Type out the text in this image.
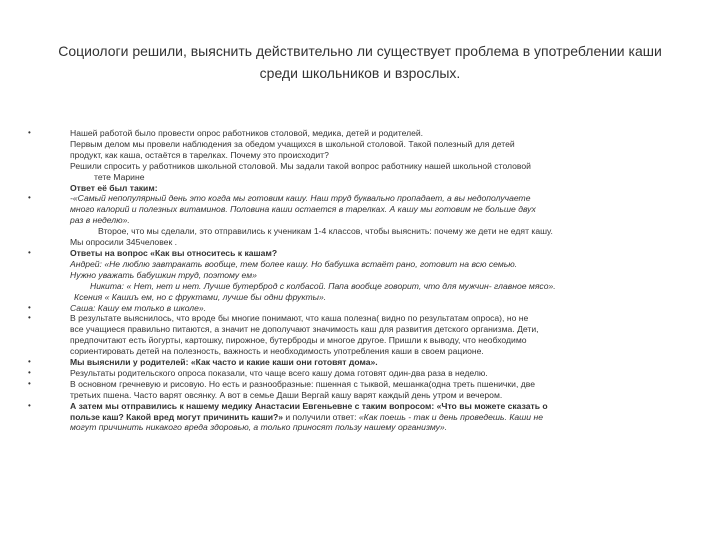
Социологи решили, выяснить действительно ли существует проблема в употреблении каши
среди школьников и взрослых.
•	Нашей работой было провести опрос работников столовой, медика, детей и родителей.
Первым делом мы провели наблюдения за обедом учащихся в школьной столовой. Такой полезный для детей
продукт, как каша, остаётся в тарелках. Почему это происходит?
Решили спросить у работников школьной столовой. Мы задали такой вопрос работнику нашей школьной столовой
тете Марине
Ответ её был таким:
•	-«Самый непопулярный день это когда мы готовим кашу. Наш труд буквально пропадает, а вы недополучаете
много калорий и полезных витаминов. Половина каши остается в тарелках. А кашу мы готовим не больше двух
раз в неделю».
Второе, что мы сделали, это отправились к ученикам 1-4 классов, чтобы выяснить: почему же дети не едят кашу.
Мы опросили 345человек .
•	Ответы на вопрос «Как вы относитесь к кашам?
Андрей: «Не люблю завтракать вообще, тем более кашу. Но бабушка встаёт рано, готовит на всю семью.
Нужно уважать бабушкин труд, поэтому ем»
Никита: « Нет, нет и нет. Лучше бутерброд с колбасой. Папа вообще говорит, что для мужчин- главное мясо».
Ксения « Кашиъ ем, но с фруктами, лучше бы одни фрукты».
•	Саша: Кашу ем только в школе».
•	В результате выяснилось, что вроде бы многие понимают, что каша полезна( видно по результатам опроса), но не
все учащиеся правильно питаются, а значит не дополучают значимость каш для развития детского организма. Дети,
предпочитают есть йогурты, картошку, пирожное, бутерброды и многое другое. Пришли к выводу, что необходимо
сориентировать детей на полезность, важность и необходимость употребления каши в своем рационе.
•	Мы выяснили у родителей: «Как часто и какие каши они готовят дома».
•	Результаты родительского опроса показали, что чаще всего кашу дома готовят один-два раза в неделю.
•	В основном гречневую и рисовую. Но есть и разнообразные: пшенная с тыквой, мешанка(одна треть пшенички, две
третьих пшена. Часто варят овсянку. А вот в семье Даши Вергай кашу варят каждый день утром и вечером.
•	А затем мы отправились к нашему медику Анастасии Евгеньевне с таким вопросом: «Что вы можете сказать о
пользе каш? Какой вред могут причинить каши?» и получили ответ: «Как поешь - так и день проведешь. Каши не
могут причинить никакого вреда здоровью, а только приносят пользу нашему организму».
